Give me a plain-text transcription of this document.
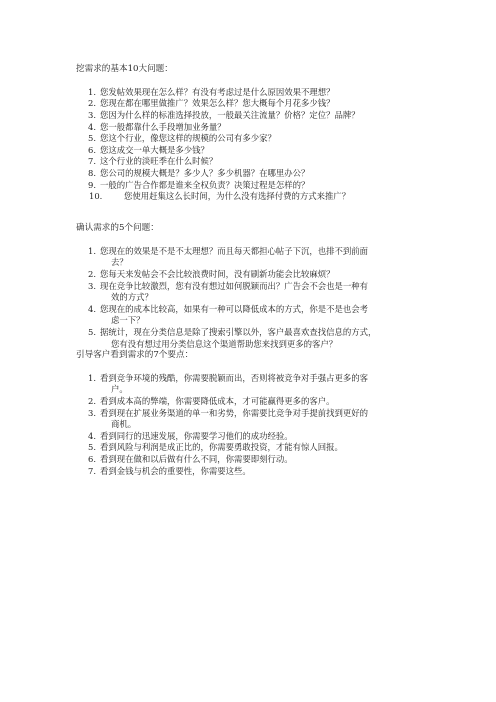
挖需求的基本10大问题：

1. 您发帖效果现在怎么样？有没有考虑过是什么原因效果不理想？
2. 您现在都在哪里做推广？效果怎么样？您大概每个月花多少钱？
3. 您因为什么样的标准选择投放，一般最关注流量？价格？定位？品牌？
4. 您一般都靠什么手段增加业务量？
5. 您这个行业，像您这样的规模的公司有多少家？
6. 您这成交一单大概是多少钱？
7. 这个行业的淡旺季在什么时候？
8. 您公司的规模大概是？多少人？多少机器？在哪里办公？
9. 一般的广告合作都是谁来全权负责？决策过程是怎样的？
10.	您使用赶集这么长时间，为什么没有选择付费的方式来推广？

确认需求的5个问题：

1. 您现在的效果是不是不太理想？而且每天都担心帖子下沉，也排不到前面
去？
2. 您每天来发帖会不会比较浪费时间，没有刷新功能会比较麻烦？
3. 现在竞争比较激烈，您有没有想过如何脱颖而出？广告会不会也是一种有
效的方式？
4. 您现在的成本比较高，如果有一种可以降低成本的方式，你是不是也会考
虑一下？
5. 据统计，现在分类信息是除了搜索引擎以外，客户最喜欢查找信息的方式，
您有没有想过用分类信息这个渠道帮助您来找到更多的客户？

引导客户看到需求的7个要点：

1. 看到竞争环境的残酷，你需要脱颖而出，否则将被竞争对手强占更多的客
户。
2. 看到成本高的弊端，你需要降低成本，才可能赢得更多的客户。
3. 看到现在扩展业务渠道的单一和劣势，你需要比竞争对手提前找到更好的
商机。
4. 看到同行的迅速发展，你需要学习他们的成功经验。
5. 看到风险与利润是成正比的，你需要勇敢投资，才能有惊人回报。
6. 看到现在做和以后做有什么不同，你需要即刻行动。
7. 看到金钱与机会的重要性，你需要这些。
